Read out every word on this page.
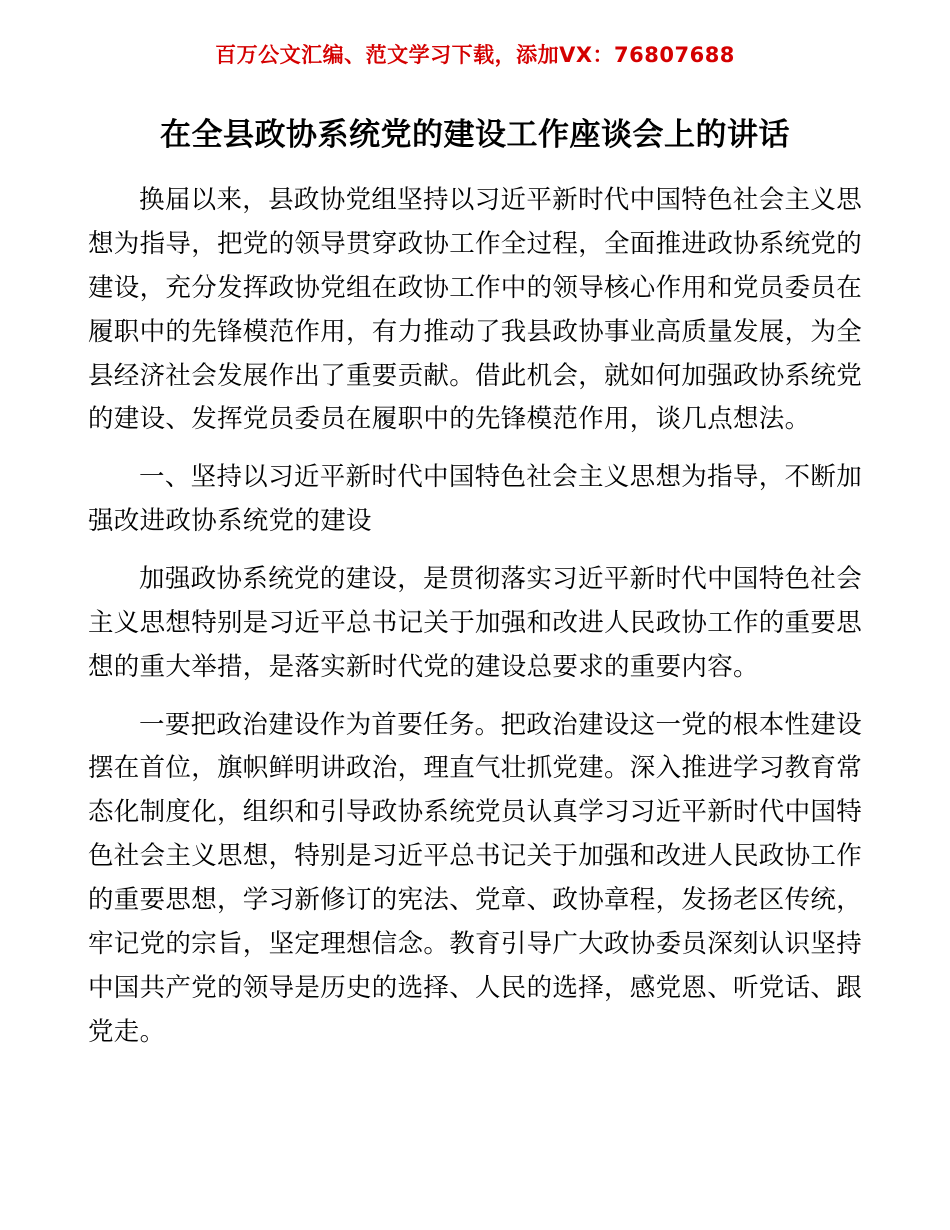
百万公文汇编、范文学习下载，添加VX：76807688
在全县政协系统党的建设工作座谈会上的讲话

换届以来，县政协党组坚持以习近平新时代中国特色社会主义思想为指导，把党的领导贯穿政协工作全过程，全面推进政协系统党的建设，充分发挥政协党组在政协工作中的领导核心作用和党员委员在履职中的先锋模范作用，有力推动了我县政协事业高质量发展，为全县经济社会发展作出了重要贡献。借此机会，就如何加强政协系统党的建设、发挥党员委员在履职中的先锋模范作用，谈几点想法。

一、坚持以习近平新时代中国特色社会主义思想为指导，不断加强改进政协系统党的建设

加强政协系统党的建设，是贯彻落实习近平新时代中国特色社会主义思想特别是习近平总书记关于加强和改进人民政协工作的重要思想的重大举措，是落实新时代党的建设总要求的重要内容。

一要把政治建设作为首要任务。把政治建设这一党的根本性建设摆在首位，旗帜鲜明讲政治，理直气壮抓党建。深入推进学习教育常态化制度化，组织和引导政协系统党员认真学习习近平新时代中国特色社会主义思想，特别是习近平总书记关于加强和改进人民政协工作的重要思想，学习新修订的宪法、党章、政协章程，发扬老区传统，牢记党的宗旨，坚定理想信念。教育引导广大政协委员深刻认识坚持中国共产党的领导是历史的选择、人民的选择，感党恩、听党话、跟党走。
